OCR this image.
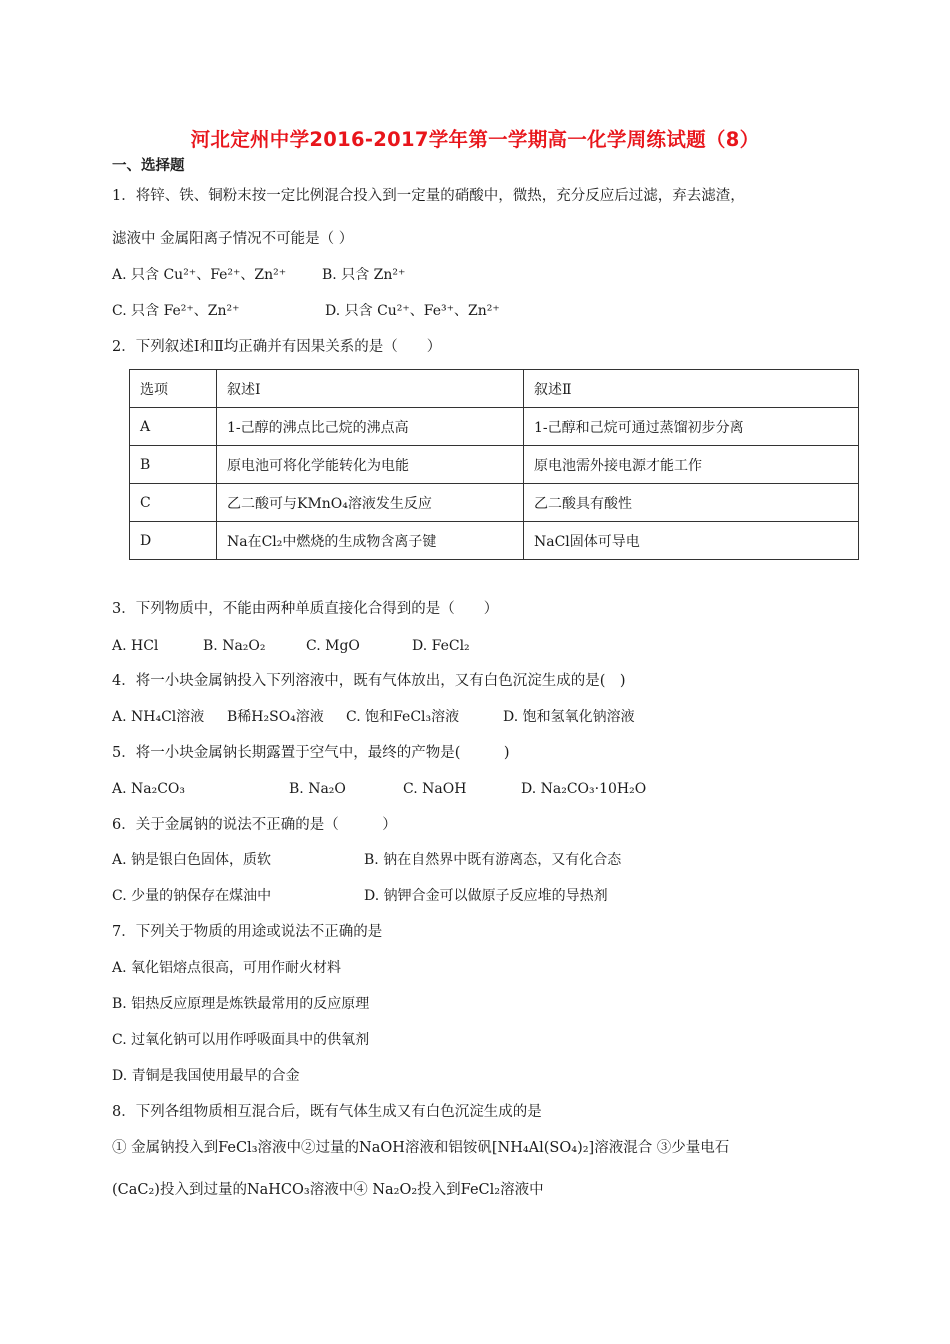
河北定州中学2016-2017学年第一学期高一化学周练试题（8）
一、选择题
1．将锌、铁、铜粉末按一定比例混合投入到一定量的硝酸中，微热，充分反应后过滤，弃去滤渣，
滤液中 金属阳离子情况不可能是（ ）
A. 只含 Cu²⁺、Fe²⁺、Zn²⁺	B. 只含 Zn²⁺
C. 只含 Fe²⁺、Zn²⁺	D. 只含 Cu²⁺、Fe³⁺、Zn²⁺
2．下列叙述Ⅰ和Ⅱ均正确并有因果关系的是（　　）
选项	叙述Ⅰ	叙述Ⅱ
A	1-己醇的沸点比己烷的沸点高	1-己醇和己烷可通过蒸馏初步分离
B	原电池可将化学能转化为电能	原电池需外接电源才能工作
C	乙二酸可与KMnO₄溶液发生反应	乙二酸具有酸性
D	Na在Cl₂中燃烧的生成物含离子键	NaCl固体可导电
3．下列物质中，不能由两种单质直接化合得到的是（　　）
A. HCl	B. Na₂O₂	C. MgO	D. FeCl₂
4．将一小块金属钠投入下列溶液中，既有气体放出，又有白色沉淀生成的是(　)
A. NH₄Cl溶液 B稀H₂SO₄溶液 C. 饱和FeCl₃溶液	D. 饱和氢氧化钠溶液
5．将一小块金属钠长期露置于空气中，最终的产物是(　　　)
A. Na₂CO₃	B. Na₂O	C. NaOH	D. Na₂CO₃·10H₂O
6．关于金属钠的说法不正确的是（　　　）
A. 钠是银白色固体，质软	B. 钠在自然界中既有游离态，又有化合态
C. 少量的钠保存在煤油中	D. 钠钾合金可以做原子反应堆的导热剂
7．下列关于物质的用途或说法不正确的是
A. 氧化铝熔点很高，可用作耐火材料
B. 铝热反应原理是炼铁最常用的反应原理
C. 过氧化钠可以用作呼吸面具中的供氧剂
D. 青铜是我国使用最早的合金
8．下列各组物质相互混合后，既有气体生成又有白色沉淀生成的是
① 金属钠投入到FeCl₃溶液中②过量的NaOH溶液和铝铵矾[NH₄Al(SO₄)₂]溶液混合 ③少量电石
(CaC₂)投入到过量的NaHCO₃溶液中④ Na₂O₂投入到FeCl₂溶液中
